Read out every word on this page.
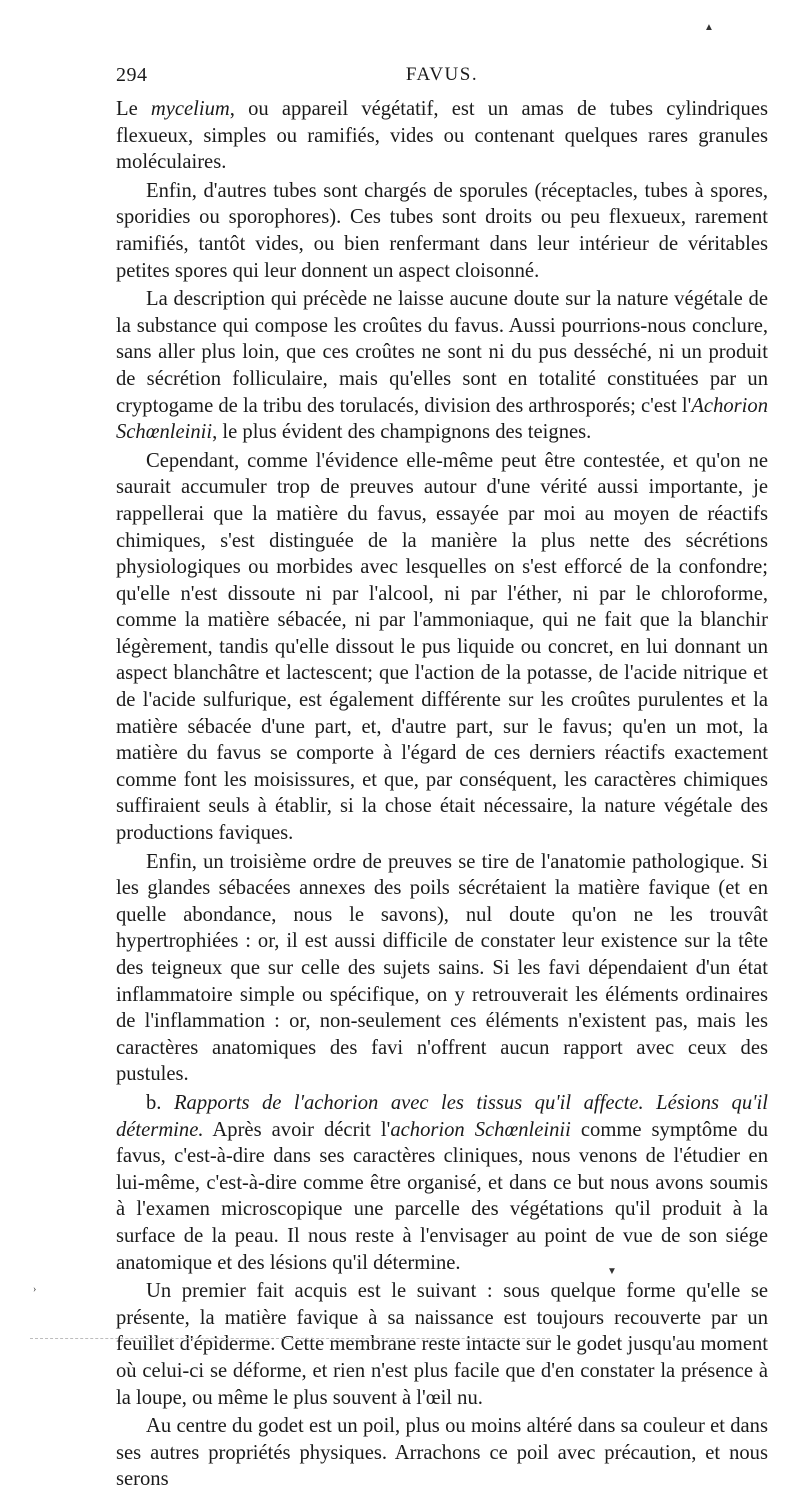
▲
294	FAVUS.

Le mycelium, ou appareil végétatif, est un amas de tubes cylindriques flexueux, simples ou ramifiés, vides ou contenant quelques rares granules moléculaires.

Enfin, d'autres tubes sont chargés de sporules (réceptacles, tubes à spores, sporidies ou sporophores). Ces tubes sont droits ou peu flexueux, rarement ramifiés, tantôt vides, ou bien renfermant dans leur intérieur de véritables petites spores qui leur donnent un aspect cloisonné.

La description qui précède ne laisse aucune doute sur la nature végétale de la substance qui compose les croûtes du favus. Aussi pourrions-nous conclure, sans aller plus loin, que ces croûtes ne sont ni du pus desséché, ni un produit de sécrétion folliculaire, mais qu'elles sont en totalité constituées par un cryptogame de la tribu des torulacés, division des arthrosporés; c'est l'Achorion Schœnleinii, le plus évident des champignons des teignes.

Cependant, comme l'évidence elle-même peut être contestée, et qu'on ne saurait accumuler trop de preuves autour d'une vérité aussi importante, je rappellerai que la matière du favus, essayée par moi au moyen de réactifs chimiques, s'est distinguée de la manière la plus nette des sécrétions physiologiques ou morbides avec lesquelles on s'est efforcé de la confondre; qu'elle n'est dissoute ni par l'alcool, ni par l'éther, ni par le chloroforme, comme la matière sébacée, ni par l'ammoniaque, qui ne fait que la blanchir légèrement, tandis qu'elle dissout le pus liquide ou concret, en lui donnant un aspect blanchâtre et lactescent; que l'action de la potasse, de l'acide nitrique et de l'acide sulfurique, est également différente sur les croûtes purulentes et la matière sébacée d'une part, et, d'autre part, sur le favus; qu'en un mot, la matière du favus se comporte à l'égard de ces derniers réactifs exactement comme font les moisissures, et que, par conséquent, les caractères chimiques suffiraient seuls à établir, si la chose était nécessaire, la nature végétale des productions faviques.

Enfin, un troisième ordre de preuves se tire de l'anatomie pathologique. Si les glandes sébacées annexes des poils sécrétaient la matière favique (et en quelle abondance, nous le savons), nul doute qu'on ne les trouvât hypertrophiées : or, il est aussi difficile de constater leur existence sur la tête des teigneux que sur celle des sujets sains. Si les favi dépendaient d'un état inflammatoire simple ou spécifique, on y retrouverait les éléments ordinaires de l'inflammation : or, non-seulement ces éléments n'existent pas, mais les caractères anatomiques des favi n'offrent aucun rapport avec ceux des pustules.

b. Rapports de l'achorion avec les tissus qu'il affecte. Lésions qu'il détermine. Après avoir décrit l'achorion Schœnleinii comme symptôme du favus, c'est-à-dire dans ses caractères cliniques, nous venons de l'étudier en lui-même, c'est-à-dire comme être organisé, et dans ce but nous avons soumis à l'examen microscopique une parcelle des végétations qu'il produit à la surface de la peau. Il nous reste à l'envisager au point de vue de son siége anatomique et des lésions qu'il détermine.

Un premier fait acquis est le suivant : sous quelque forme qu'elle se présente, la matière favique à sa naissance est toujours recouverte par un feuillet d'épiderme. Cette membrane reste intacte sur le godet jusqu'au moment où celui-ci se déforme, et rien n'est plus facile que d'en constater la présence à la loupe, ou même le plus souvent à l'œil nu.

Au centre du godet est un poil, plus ou moins altéré dans sa couleur et dans ses autres propriétés physiques. Arrachons ce poil avec précaution, et nous serons

▼
›
